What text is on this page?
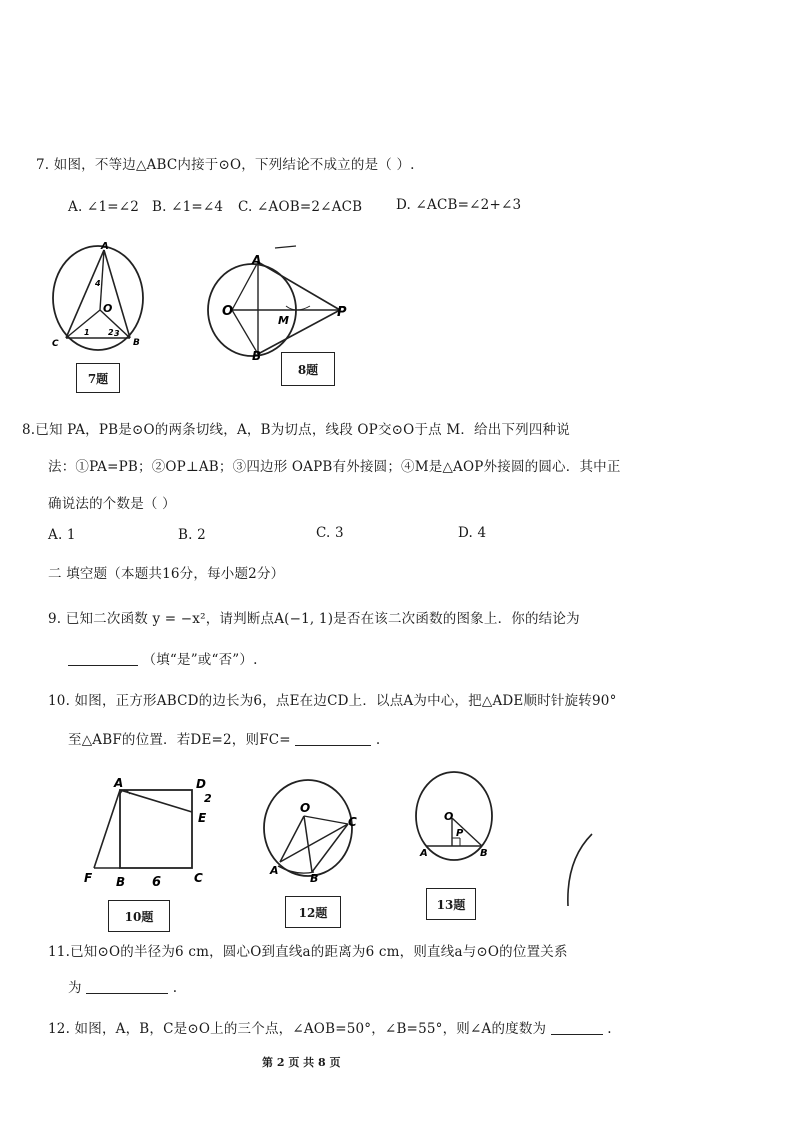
7. 如图，不等边△ABC内接于⊙O，下列结论不成立的是（ ）.
A. ∠1=∠2 B. ∠1=∠4 C. ∠AOB=2∠ACB D. ∠ACB=∠2+∠3
A
O
C	B
1 2 3
4
7题
A
O
M
P
B
8题
8.已知 PA，PB是⊙O的两条切线，A，B为切点，线段 OP交⊙O于点 M．给出下列四种说
法：①PA=PB；②OP⊥AB；③四边形 OAPB有外接圆；④M是△AOP外接圆的圆心．其中正
确说法的个数是（ ）
A. 1	B. 2	C. 3	D. 4
二 填空题（本题共16分，每小题2分）
9. 已知二次函数 y = −x²，请判断点A(−1, 1)是否在该二次函数的图象上．你的结论为
（填“是”或“否”）.
10. 如图，正方形ABCD的边长为6，点E在边CD上．以点A为中心，把△ADE顺时针旋转90°
至△ABF的位置．若DE=2，则FC=	.
A	D
2
E
F B 6	C
10题
O
C
A
B
12题
O
P
A	B
13题
11.已知⊙O的半径为6 cm，圆心O到直线a的距离为6 cm，则直线a与⊙O的位置关系
为	.
12. 如图，A，B，C是⊙O上的三个点，∠AOB=50°，∠B=55°，则∠A的度数为	.
第 2 页 共 8 页
